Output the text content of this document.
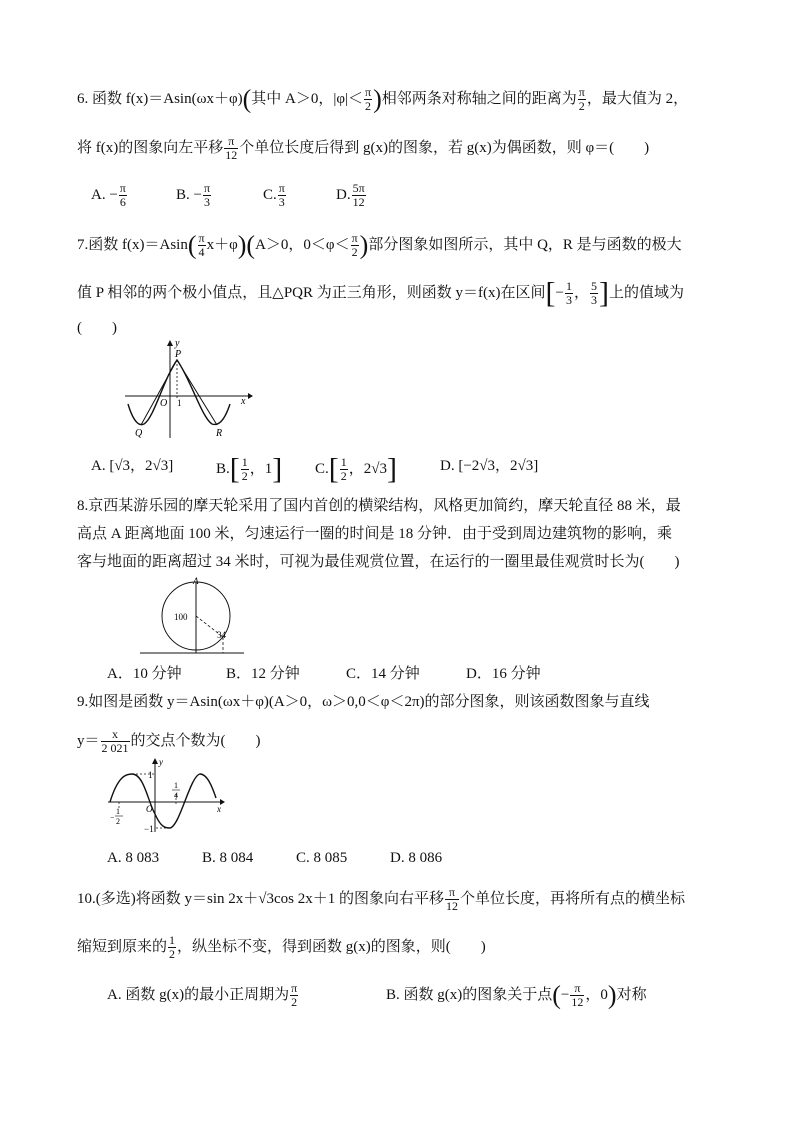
6. 函数 f(x)＝Asin(ωx＋φ)(其中 A＞0，$|\varphi|< \frac{\pi}{2}$ )相邻两条对称轴之间的距离为 $\frac{\pi}{2}$ ，最大值为 2，
将 f(x)的图象向左平移 $\frac{\pi}{12}$ 个单位长度后得到 g(x)的图象，若 g(x)为偶函数，则 φ＝(　　)
A. − $\frac{\pi}{6}$	B. − $\frac{\pi}{3}$	C. $\frac{\pi}{3}$	D. $\frac{5\pi}{12}$
7.函数 $f(x)=Asin( \frac{\pi}{4} x+\varphi)(A>0$，$0<\varphi< \frac{\pi}{2}$ )部分图象如图所示，其中 Q，R 是与函数的极大
值 P 相邻的两个极小值点，且△PQR 为正三角形，则函数 y＝f(x)在区间[− $\frac{1}{3}$ ， $\frac{5}{3}$ ]上的值域为
(　　)
y
P
O 1	x
Q	R
A. [√3，2√3]	$B.[ \frac{1}{2}$ ，1] $C.[ \frac{1}{2}$ ，2√3]	D. [−2√3，2√3]
8.京西某游乐园的摩天轮采用了国内首创的横梁结构，风格更加简约，摩天轮直径 88 米，最
高点 A 距离地面 100 米，匀速运行一圈的时间是 18 分钟．由于受到周边建筑物的影响，乘
客与地面的距离超过 34 米时，可视为最佳观赏位置，在运行的一圈里最佳观赏时长为(　　)
A
100
34
A．10 分钟	B．12 分钟	C．14 分钟	D．16 分钟
9.如图是函数 y＝Asin(ωx＋φ)(A＞0，ω＞0,0＜φ＜2π)的部分图象，则该函数图象与直线
$y= \frac{x}{2 021}$ 的交点个数为(　　)
y
1
1
4
O	x
−
1
2
−1
A. 8 083	B. 8 084	C. 8 085	D. 8 086
10.(多选)将函数 y＝sin 2x＋√3cos 2x＋1 的图象向右平移 $\frac{\pi}{12}$ 个单位长度，再将所有点的横坐标
缩短到原来的 $\frac{1}{2}$ ，纵坐标不变，得到函数 g(x)的图象，则(　　)
A. 函数 g(x)的最小正周期为 $\frac{\pi}{2}$	B. 函数 g(x)的图象关于点(− $\frac{\pi}{12}$ ，0)对称
